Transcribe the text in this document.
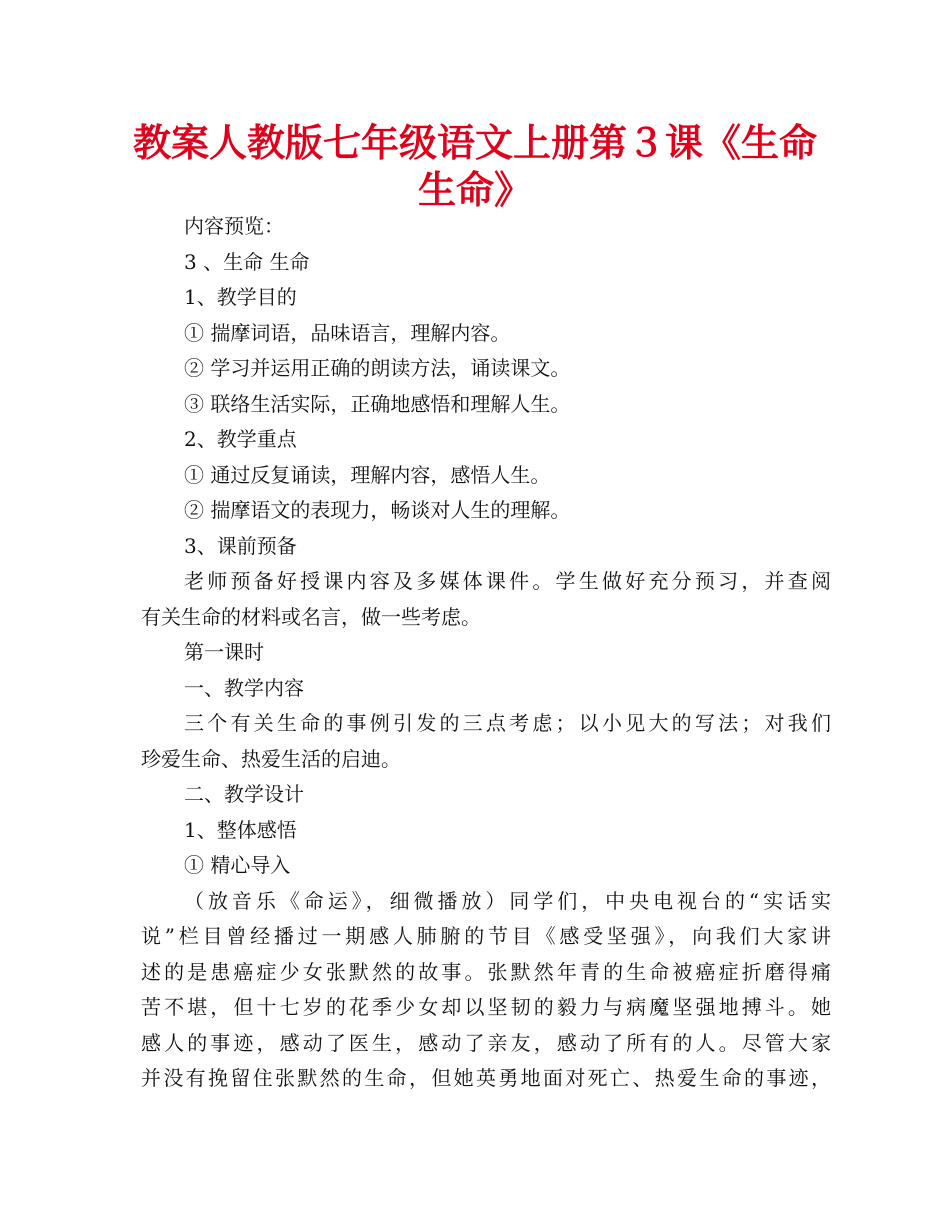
教案人教版七年级语文上册第３课《生命
生命》
内容预览：
3 、生命 生命
1、教学目的
① 揣摩词语，品味语言，理解内容。
② 学习并运用正确的朗读方法，诵读课文。
③ 联络生活实际，正确地感悟和理解人生。
2、教学重点
① 通过反复诵读，理解内容，感悟人生。
② 揣摩语文的表现力，畅谈对人生的理解。
3、课前预备
老师预备好授课内容及多媒体课件。学生做好充分预习，并查阅
有关生命的材料或名言，做一些考虑。
第一课时
一、教学内容
三个有关生命的事例引发的三点考虑；以小见大的写法；对我们
珍爱生命、热爱生活的启迪。
二、教学设计
1、整体感悟
① 精心导入
（放音乐《命运》，细微播放）同学们，中央电视台的“实话实
说”栏目曾经播过一期感人肺腑的节目《感受坚强》，向我们大家讲
述的是患癌症少女张默然的故事。张默然年青的生命被癌症折磨得痛
苦不堪，但十七岁的花季少女却以坚韧的毅力与病魔坚强地搏斗。她
感人的事迹，感动了医生，感动了亲友，感动了所有的人。尽管大家
并没有挽留住张默然的生命，但她英勇地面对死亡、热爱生命的事迹，
